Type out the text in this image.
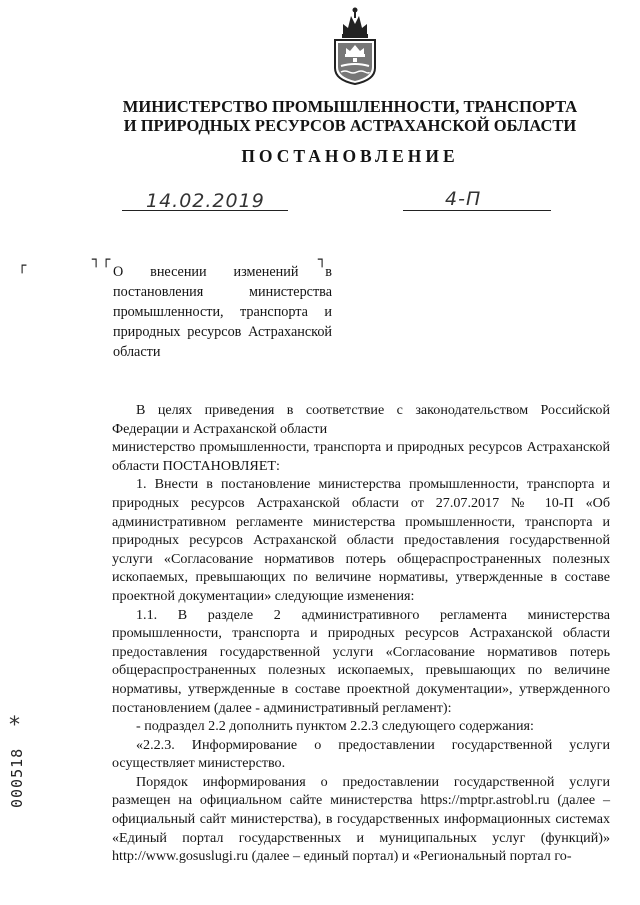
МИНИСТЕРСТВО ПРОМЫШЛЕННОСТИ, ТРАНСПОРТА
И ПРИРОДНЫХ РЕСУРСОВ АСТРАХАНСКОЙ ОБЛАСТИ
ПОСТАНОВЛЕНИЕ
14.02.2019	4-П
┌	┐ ┌	┐
О внесении изменений в постановления министерства промышленности, транспорта и природных ресурсов Астраханской области

В целях приведения в соответствие с законодательством Российской Федерации и Астраханской области

министерство промышленности, транспорта и природных ресурсов Астраханской области ПОСТАНОВЛЯЕТ:

1. Внести в постановление министерства промышленности, транспорта и природных ресурсов Астраханской области от 27.07.2017 № 10-П «Об административном регламенте министерства промышленности, транспорта и природных ресурсов Астраханской области предоставления государственной услуги «Согласование нормативов потерь общераспространенных полезных ископаемых, превышающих по величине нормативы, утвержденные в составе проектной документации» следующие изменения:

1.1. В разделе 2 административного регламента министерства промышленности, транспорта и природных ресурсов Астраханской области предоставления государственной услуги «Согласование нормативов потерь общераспространенных полезных ископаемых, превышающих по величине нормативы, утвержденные в составе проектной документации», утвержденного постановлением (далее - административный регламент):

- подраздел 2.2 дополнить пунктом 2.2.3 следующего содержания:

«2.2.3. Информирование о предоставлении государственной услуги осуществляет министерство.

Порядок информирования о предоставлении государственной услуги размещен на официальном сайте министерства https://mptpr.astrobl.ru (далее – официальный сайт министерства), в государственных информационных системах «Единый портал государственных и муниципальных услуг (функций)» http://www.gosuslugi.ru (далее – единый портал) и «Региональный портал го-

*
000518
